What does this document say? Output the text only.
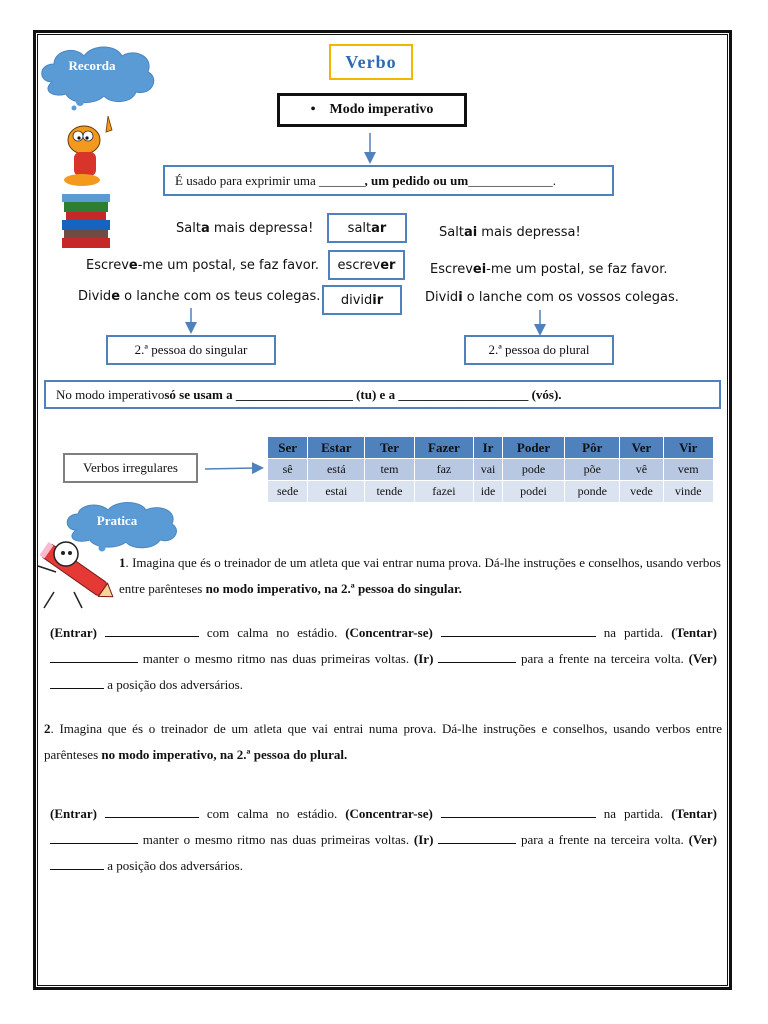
Recorda	Verbo
• Modo imperativo
É usado para exprimir uma _______ , um pedido ou um _____________.
Salta mais depressa!
Escreve-me um postal, se faz favor.
Divide o lanche com os teus colegas.
salt ar
escrev er
divid ir
Saltai mais depressa!
Escrevei-me um postal, se faz favor.
Dividi o lanche com os vossos colegas.
2.ª pessoa do singular	2.ª pessoa do plural
No modo imperativo só se usam a __________________ (tu) e a ____________________ (vós).
Verbos irregulares
Ser	Estar	Ter	Fazer	Ir	Poder	Pôr	Ver	Vir
sê	está	tem	faz	vai	pode	põe	vê	vem
sede	estai	tende	fazei	ide	podei	ponde	vede	vinde
Pratica
1. Imagina que és o treinador de um atleta que vai entrar numa prova. Dá-lhe instruções e conselhos, usando verbos entre parênteses no modo imperativo, na 2.ª pessoa do singular.
(Entrar)	com calma no estádio. (Concentrar-se)	na partida. (Tentar)  manter o mesmo ritmo nas duas primeiras voltas. (Ir)	para a frente na terceira volta. (Ver)  a posição dos adversários.
2. Imagina que és o treinador de um atleta que vai entrai numa prova. Dá-lhe instruções e conselhos, usando verbos entre parênteses no modo imperativo, na 2.ª pessoa do plural.
(Entrar)	com calma no estádio. (Concentrar-se)	na partida. (Tentar)  manter o mesmo ritmo nas duas primeiras voltas. (Ir)	para a frente na terceira volta. (Ver)  a posição dos adversários.
